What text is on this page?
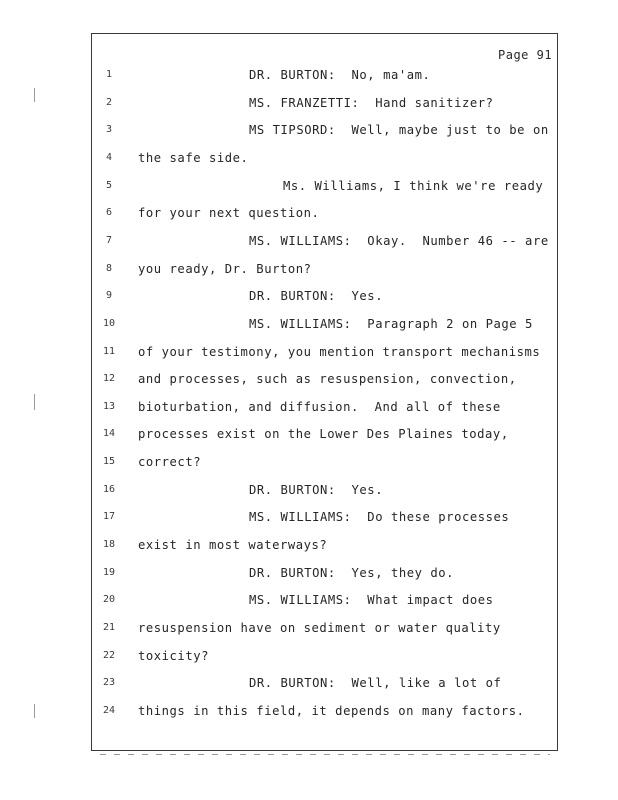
Page 91
1	DR. BURTON:  No, ma'am.
2	MS. FRANZETTI:  Hand sanitizer?
3	MS TIPSORD:  Well, maybe just to be on
4	the safe side.
5	Ms. Williams, I think we're ready
6	for your next question.
7	MS. WILLIAMS:  Okay.  Number 46 -- are
8	you ready, Dr. Burton?
9	DR. BURTON:  Yes.
10	MS. WILLIAMS:  Paragraph 2 on Page 5
11	of your testimony, you mention transport mechanisms
12	and processes, such as resuspension, convection,
13	bioturbation, and diffusion.  And all of these
14	processes exist on the Lower Des Plaines today,
15	correct?
16	DR. BURTON:  Yes.
17	MS. WILLIAMS:  Do these processes
18	exist in most waterways?
19	DR. BURTON:  Yes, they do.
20	MS. WILLIAMS:  What impact does
21	resuspension have on sediment or water quality
22	toxicity?
23	DR. BURTON:  Well, like a lot of
24	things in this field, it depends on many factors.
